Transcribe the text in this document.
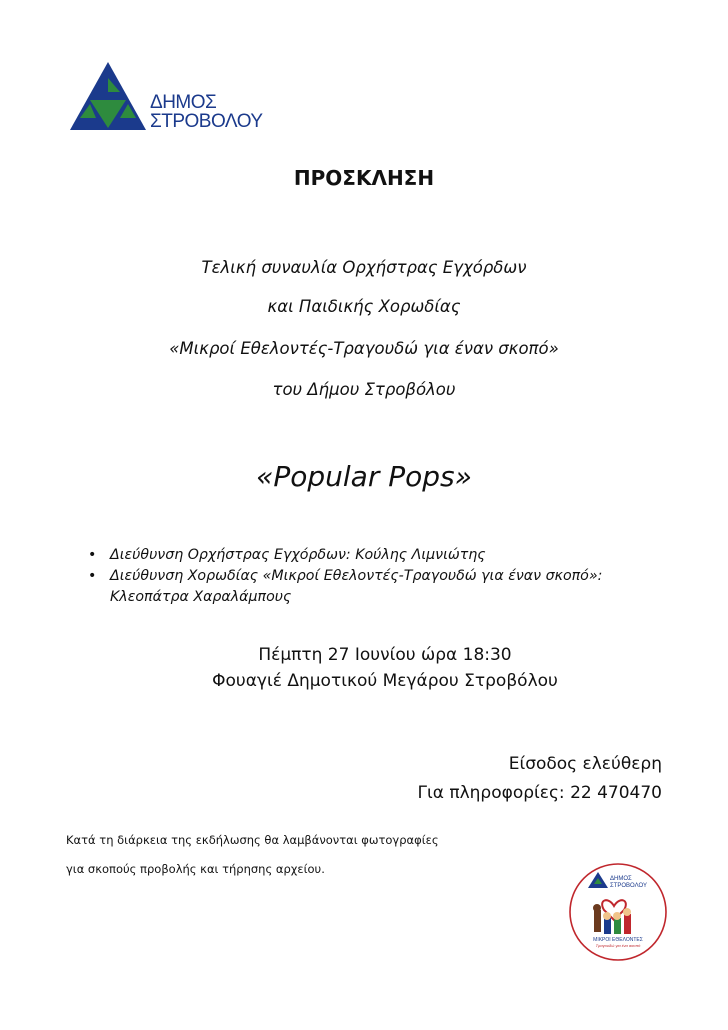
ΔΗΜΟΣ
ΣΤΡΟΒΟΛΟΥ
ΠΡΟΣΚΛΗΣΗ
Τελική συναυλία Ορχήστρας Εγχόρδων
και Παιδικής Χορωδίας
«Μικροί Εθελοντές-Τραγουδώ για έναν σκοπό»
του Δήμου Στροβόλου
«Popular Pops»
• Διεύθυνση Ορχήστρας Εγχόρδων: Κούλης Λιμνιώτης
• Διεύθυνση Χορωδίας «Μικροί Εθελοντές-Τραγουδώ για έναν σκοπό»:
Κλεοπάτρα Χαραλάμπους
Πέμπτη 27 Ιουνίου ώρα 18:30
Φουαγιέ Δημοτικού Μεγάρου Στροβόλου
Είσοδος ελεύθερη
Για πληροφορίες: 22 470470
Κατά τη διάρκεια της εκδήλωσης θα λαμβάνονται φωτογραφίες
για σκοπούς προβολής και τήρησης αρχείου.
ΔΗΜΟΣ
ΣΤΡΟΒΟΛΟΥ
ΜΙΚΡΟΙ ΕΘΕΛΟΝΤΕΣ
Τραγουδώ για ένα σκοπό
